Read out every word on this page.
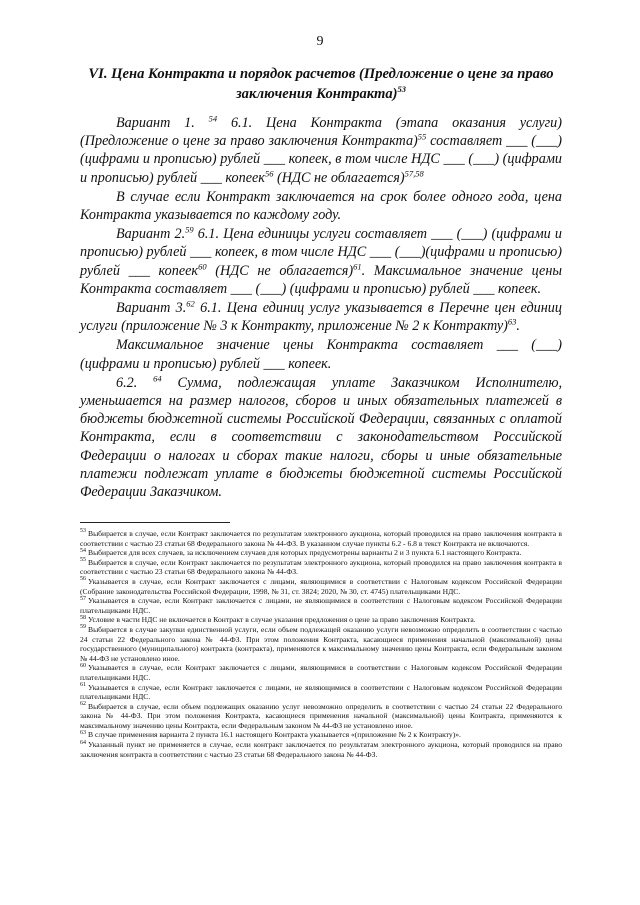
9
VI. Цена Контракта и порядок расчетов (Предложение о цене за право заключения Контракта)$^{53}$

Вариант 1. $^{54}$ 6.1. Цена Контракта (этапа оказания услуги) (Предложение о цене за право заключения Контракта)$^{55}$ составляет ___ (___) (цифрами и прописью) рублей ___ копеек, в том числе НДС ___ (___) (цифрами и прописью) рублей ___ копеек$^{56}$ (НДС не облагается)$^{57,58}$

В случае если Контракт заключается на срок более одного года, цена Контракта указывается по каждому году.

Вариант 2.59 6.1. Цена единицы услуги составляет ___ (___) (цифрами и прописью) рублей ___ копеек, в том числе НДС ___ (___)(цифрами и прописью) рублей ___ копеек$^{60}$ (НДС не облагается)$^{61}$. Максимальное значение цены Контракта составляет ___ (___) (цифрами и прописью) рублей ___ копеек.

Вариант 3.62 6.1. Цена единиц услуг указывается в Перечне цен единиц услуги (приложение № 3 к Контракту, приложение № 2 к Контракту)$^{63}$.

Максимальное значение цены Контракта составляет ___ (___) (цифрами и прописью) рублей ___ копеек.

6.2. $^{64}$ Сумма, подлежащая уплате Заказчиком Исполнителю, уменьшается на размер налогов, сборов и иных обязательных платежей в бюджеты бюджетной системы Российской Федерации, связанных с оплатой Контракта, если в соответствии с законодательством Российской Федерации о налогах и сборах такие налоги, сборы и иные обязательные платежи подлежат уплате в бюджеты бюджетной системы Российской Федерации Заказчиком.

$^{53}$ Выбирается в случае, если Контракт заключается по результатам электронного аукциона, который проводился на право заключения контракта в соответствии с частью 23 статьи 68 Федерального закона № 44-ФЗ. В указанном случае пункты 6.2 - 6.8 в текст Контракта не включаются.

$^{54}$ Выбирается для всех случаев, за исключением случаев для которых предусмотрены варианты 2 и 3 пункта 6.1 настоящего Контракта.

$^{55}$ Выбирается в случае, если Контракт заключается по результатам электронного аукциона, который проводился на право заключения контракта в соответствии с частью 23 статьи 68 Федерального закона № 44-ФЗ.

$^{56}$ Указывается в случае, если Контракт заключается с лицами, являющимися в соответствии с Налоговым кодексом Российской Федерации (Собрание законодательства Российской Федерации, 1998, № 31, ст. 3824; 2020, № 30, ст. 4745) плательщиками НДС.

$^{57}$ Указывается в случае, если Контракт заключается с лицами, не являющимися в соответствии с Налоговым кодексом Российской Федерации плательщиками НДС.

$^{58}$ Условие в части НДС не включается в Контракт в случае указания предложения о цене за право заключения Контракта.

$^{59}$ Выбирается в случае закупки единственной услуги, если объем подлежащей оказанию услуги невозможно определить в соответствии с частью 24 статьи 22 Федерального закона № 44-ФЗ. При этом положения Контракта, касающиеся применения начальной (максимальной) цены государственного (муниципального) контракта (контракта), применяются к максимальному значению цены Контракта, если Федеральным законом № 44-ФЗ не установлено иное.

$^{60}$ Указывается в случае, если Контракт заключается с лицами, являющимися в соответствии с Налоговым кодексом Российской Федерации плательщиками НДС.

$^{61}$ Указывается в случае, если Контракт заключается с лицами, не являющимися в соответствии с Налоговым кодексом Российской Федерации плательщиками НДС.

$^{62}$ Выбирается в случае, если объем подлежащих оказанию услуг невозможно определить в соответствии с частью 24 статьи 22 Федерального закона № 44-ФЗ. При этом положения Контракта, касающиеся применения начальной (максимальной) цены Контракта, применяются к максимальному значению цены Контракта, если Федеральным законом № 44-ФЗ не установлено иное.

$^{63}$ В случае применения варианта 2 пункта 16.1 настоящего Контракта указывается «(приложение № 2 к Контракту)».

$^{64}$ Указанный пункт не применяется в случае, если контракт заключается по результатам электронного аукциона, который проводился на право заключения контракта в соответствии с частью 23 статьи 68 Федерального закона № 44-ФЗ.
